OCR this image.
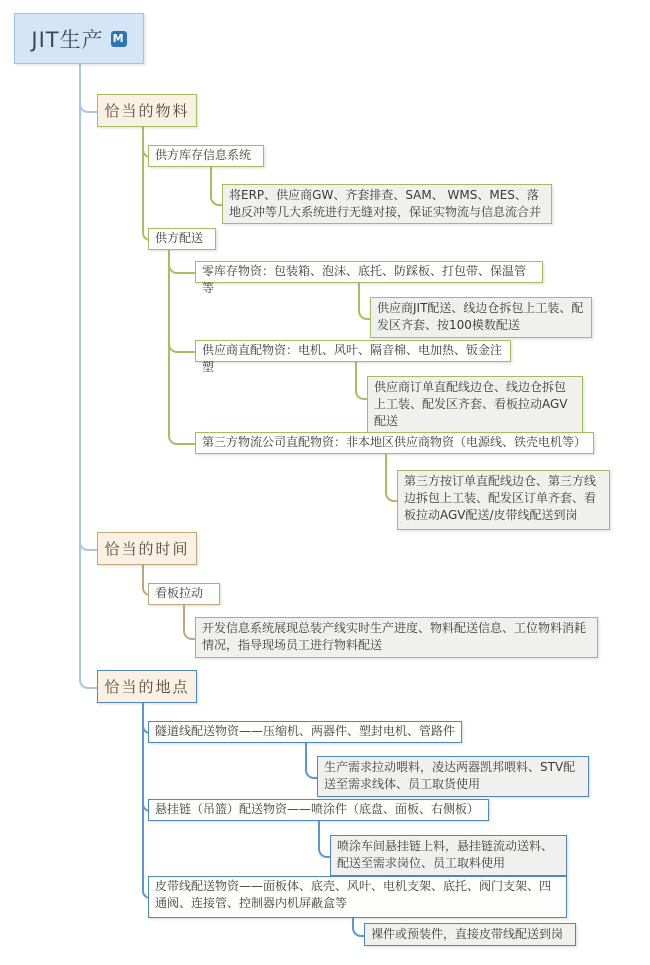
JIT生产 M
恰当的物料
供方库存信息系统
将ERP、供应商GW、齐套排查、SAM、 WMS、MES、落地反冲等几大系统进行无缝对接，保证实物流与信息流合并
供方配送
零库存物资：包装箱、泡沫、底托、防踩板、打包带、保温管等
供应商JIT配送、线边仓拆包上工装、配发区齐套、按100模数配送
供应商直配物资：电机、风叶、隔音棉、电加热、钣金注塑
供应商订单直配线边仓、线边仓拆包上工装、配发区齐套、看板拉动AGV配送
第三方物流公司直配物资：非本地区供应商物资（电源线、铁壳电机等）
第三方按订单直配线边仓、第三方线边拆包上工装、配发区订单齐套、看板拉动AGV配送/皮带线配送到岗
恰当的时间
看板拉动
开发信息系统展现总装产线实时生产进度、物料配送信息、工位物料消耗情况，指导现场员工进行物料配送
恰当的地点
隧道线配送物资——压缩机、两器件、塑封电机、管路件
生产需求拉动喂料，凌达两器凯邦喂料、STV配送至需求线体、员工取货使用
悬挂链（吊篮）配送物资——喷涂件（底盘、面板、右侧板）
喷涂车间悬挂链上料，悬挂链流动送料、配送至需求岗位、员工取料使用
皮带线配送物资——面板体、底壳、风叶、电机支架、底托、阀门支架、四通阀、连接管、控制器内机屏蔽盒等
裸件或预装件，直接皮带线配送到岗
